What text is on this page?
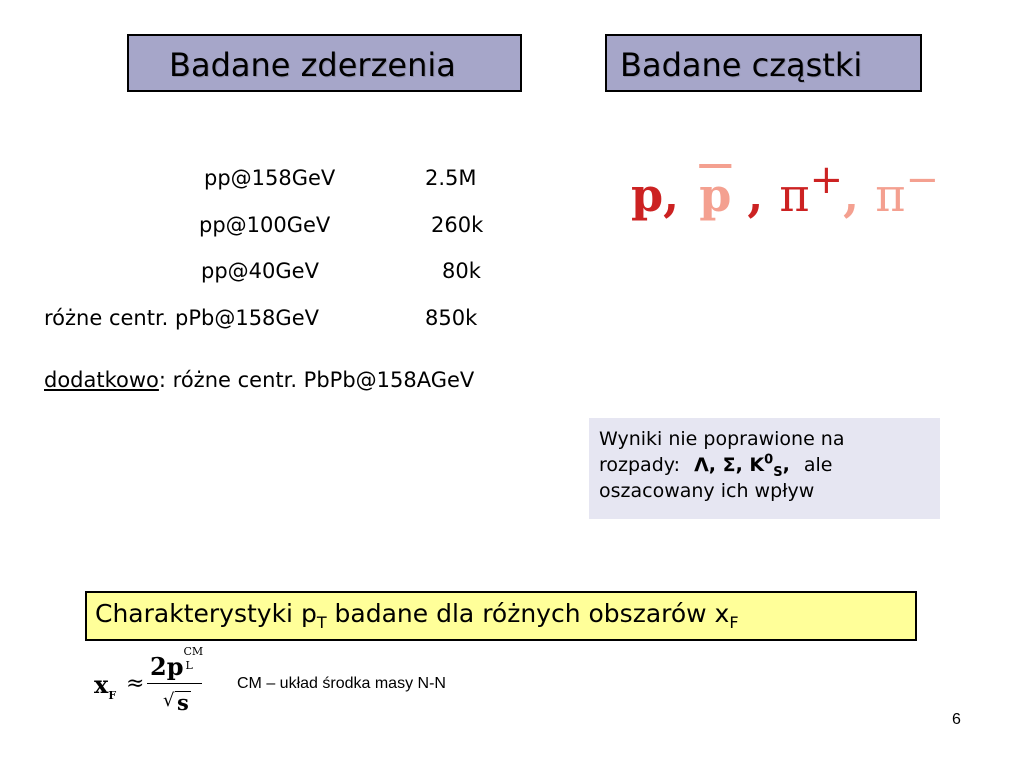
Badane zderzenia	Badane cząstki
pp@158GeV	2.5M
pp@100GeV	260k
pp@40GeV	80k
różne centr. pPb@158GeV	850k
dodatkowo: różne centr. PbPb@158AGeV
p, $\overline{p}$ , π+, π−
Wyniki nie poprawione na
rozpady: Λ, Σ, $K^0_S$, ale
oszacowany ich wpływ
Charakterystyki $p_T$ badane dla różnych obszarów $x_F$
$x_F$ ≈
2p
CM
L
√ s
CM – układ środka masy N-N
6
